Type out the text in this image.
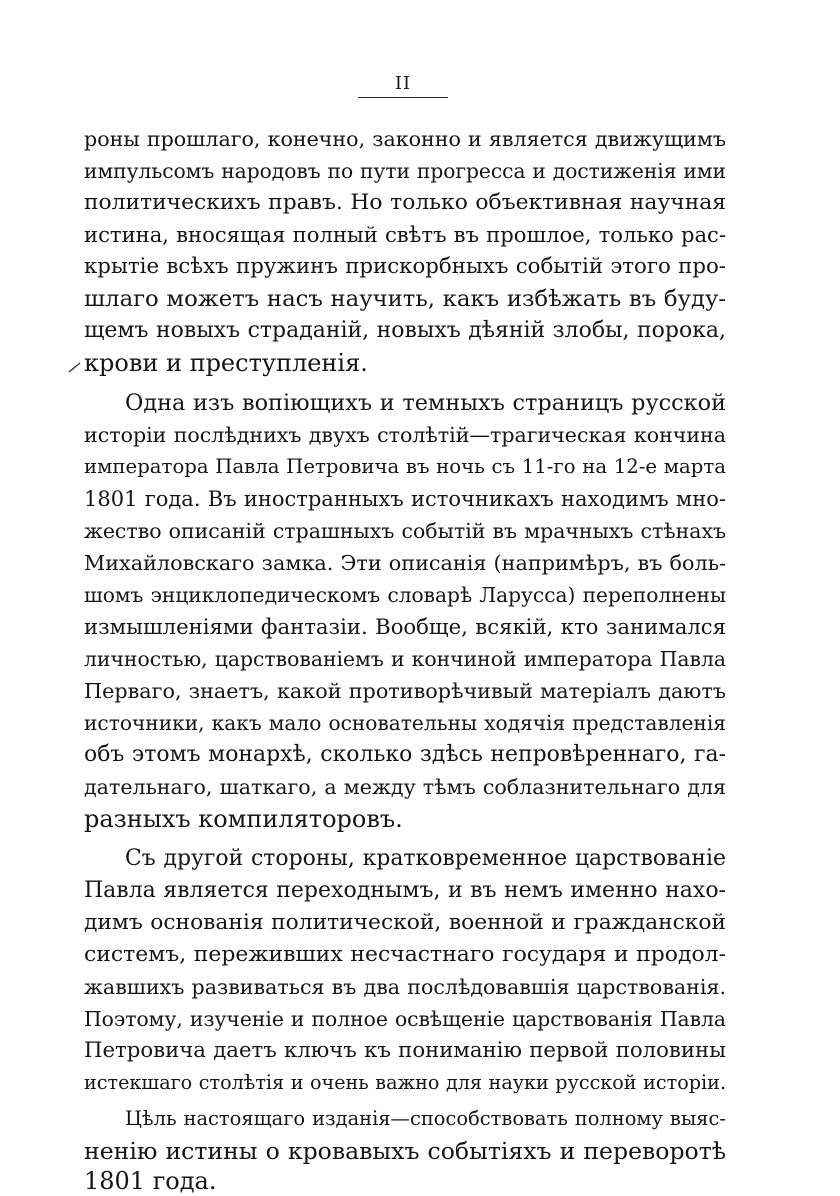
II
роны прошлаго, конечно, законно и является движущимъ
импульсомъ народовъ по пути прогресса и достиженія ими
политическихъ правъ. Но только объективная научная
истина, вносящая полный свѣтъ въ прошлое, только рас-
крытіе всѣхъ пружинъ прискорбныхъ событій этого про-
шлаго можетъ насъ научить, какъ избѣжать въ буду-
щемъ новыхъ страданій, новыхъ дѣяній злобы, порока,
крови и преступленія.
Одна изъ вопіющихъ и темныхъ страницъ русской
исторіи послѣднихъ двухъ столѣтій—трагическая кончина
императора Павла Петровича въ ночь съ 11-го на 12-е марта
1801 года. Въ иностранныхъ источникахъ находимъ мно-
жество описаній страшныхъ событій въ мрачныхъ стѣнахъ
Михайловскаго замка. Эти описанія (напримѣръ, въ боль-
шомъ энциклопедическомъ словарѣ Ларусса) переполнены
измышленіями фантазіи. Вообще, всякій, кто занимался
личностью, царствованіемъ и кончиной императора Павла
Перваго, знаетъ, какой противорѣчивый матеріалъ даютъ
источники, какъ мало основательны ходячія представленія
объ этомъ монархѣ, сколько здѣсь непровѣреннаго, га-
дательнаго, шаткаго, а между тѣмъ соблазнительнаго для
разныхъ компиляторовъ.
Съ другой стороны, кратковременное царствованіе
Павла является переходнымъ, и въ немъ именно нахо-
димъ основанія политической, военной и гражданской
системъ, переживших несчастнаго государя и продол-
жавшихъ развиваться въ два послѣдовавшія царствованія.
Поэтому, изученіе и полное освѣщеніе царствованія Павла
Петровича даетъ ключъ къ пониманію первой половины
истекшаго столѣтія и очень важно для науки русской исторіи.
Цѣль настоящаго изданія—способствовать полному выяс-
ненію истины о кровавыхъ событіяхъ и переворотѣ
1801 года.
